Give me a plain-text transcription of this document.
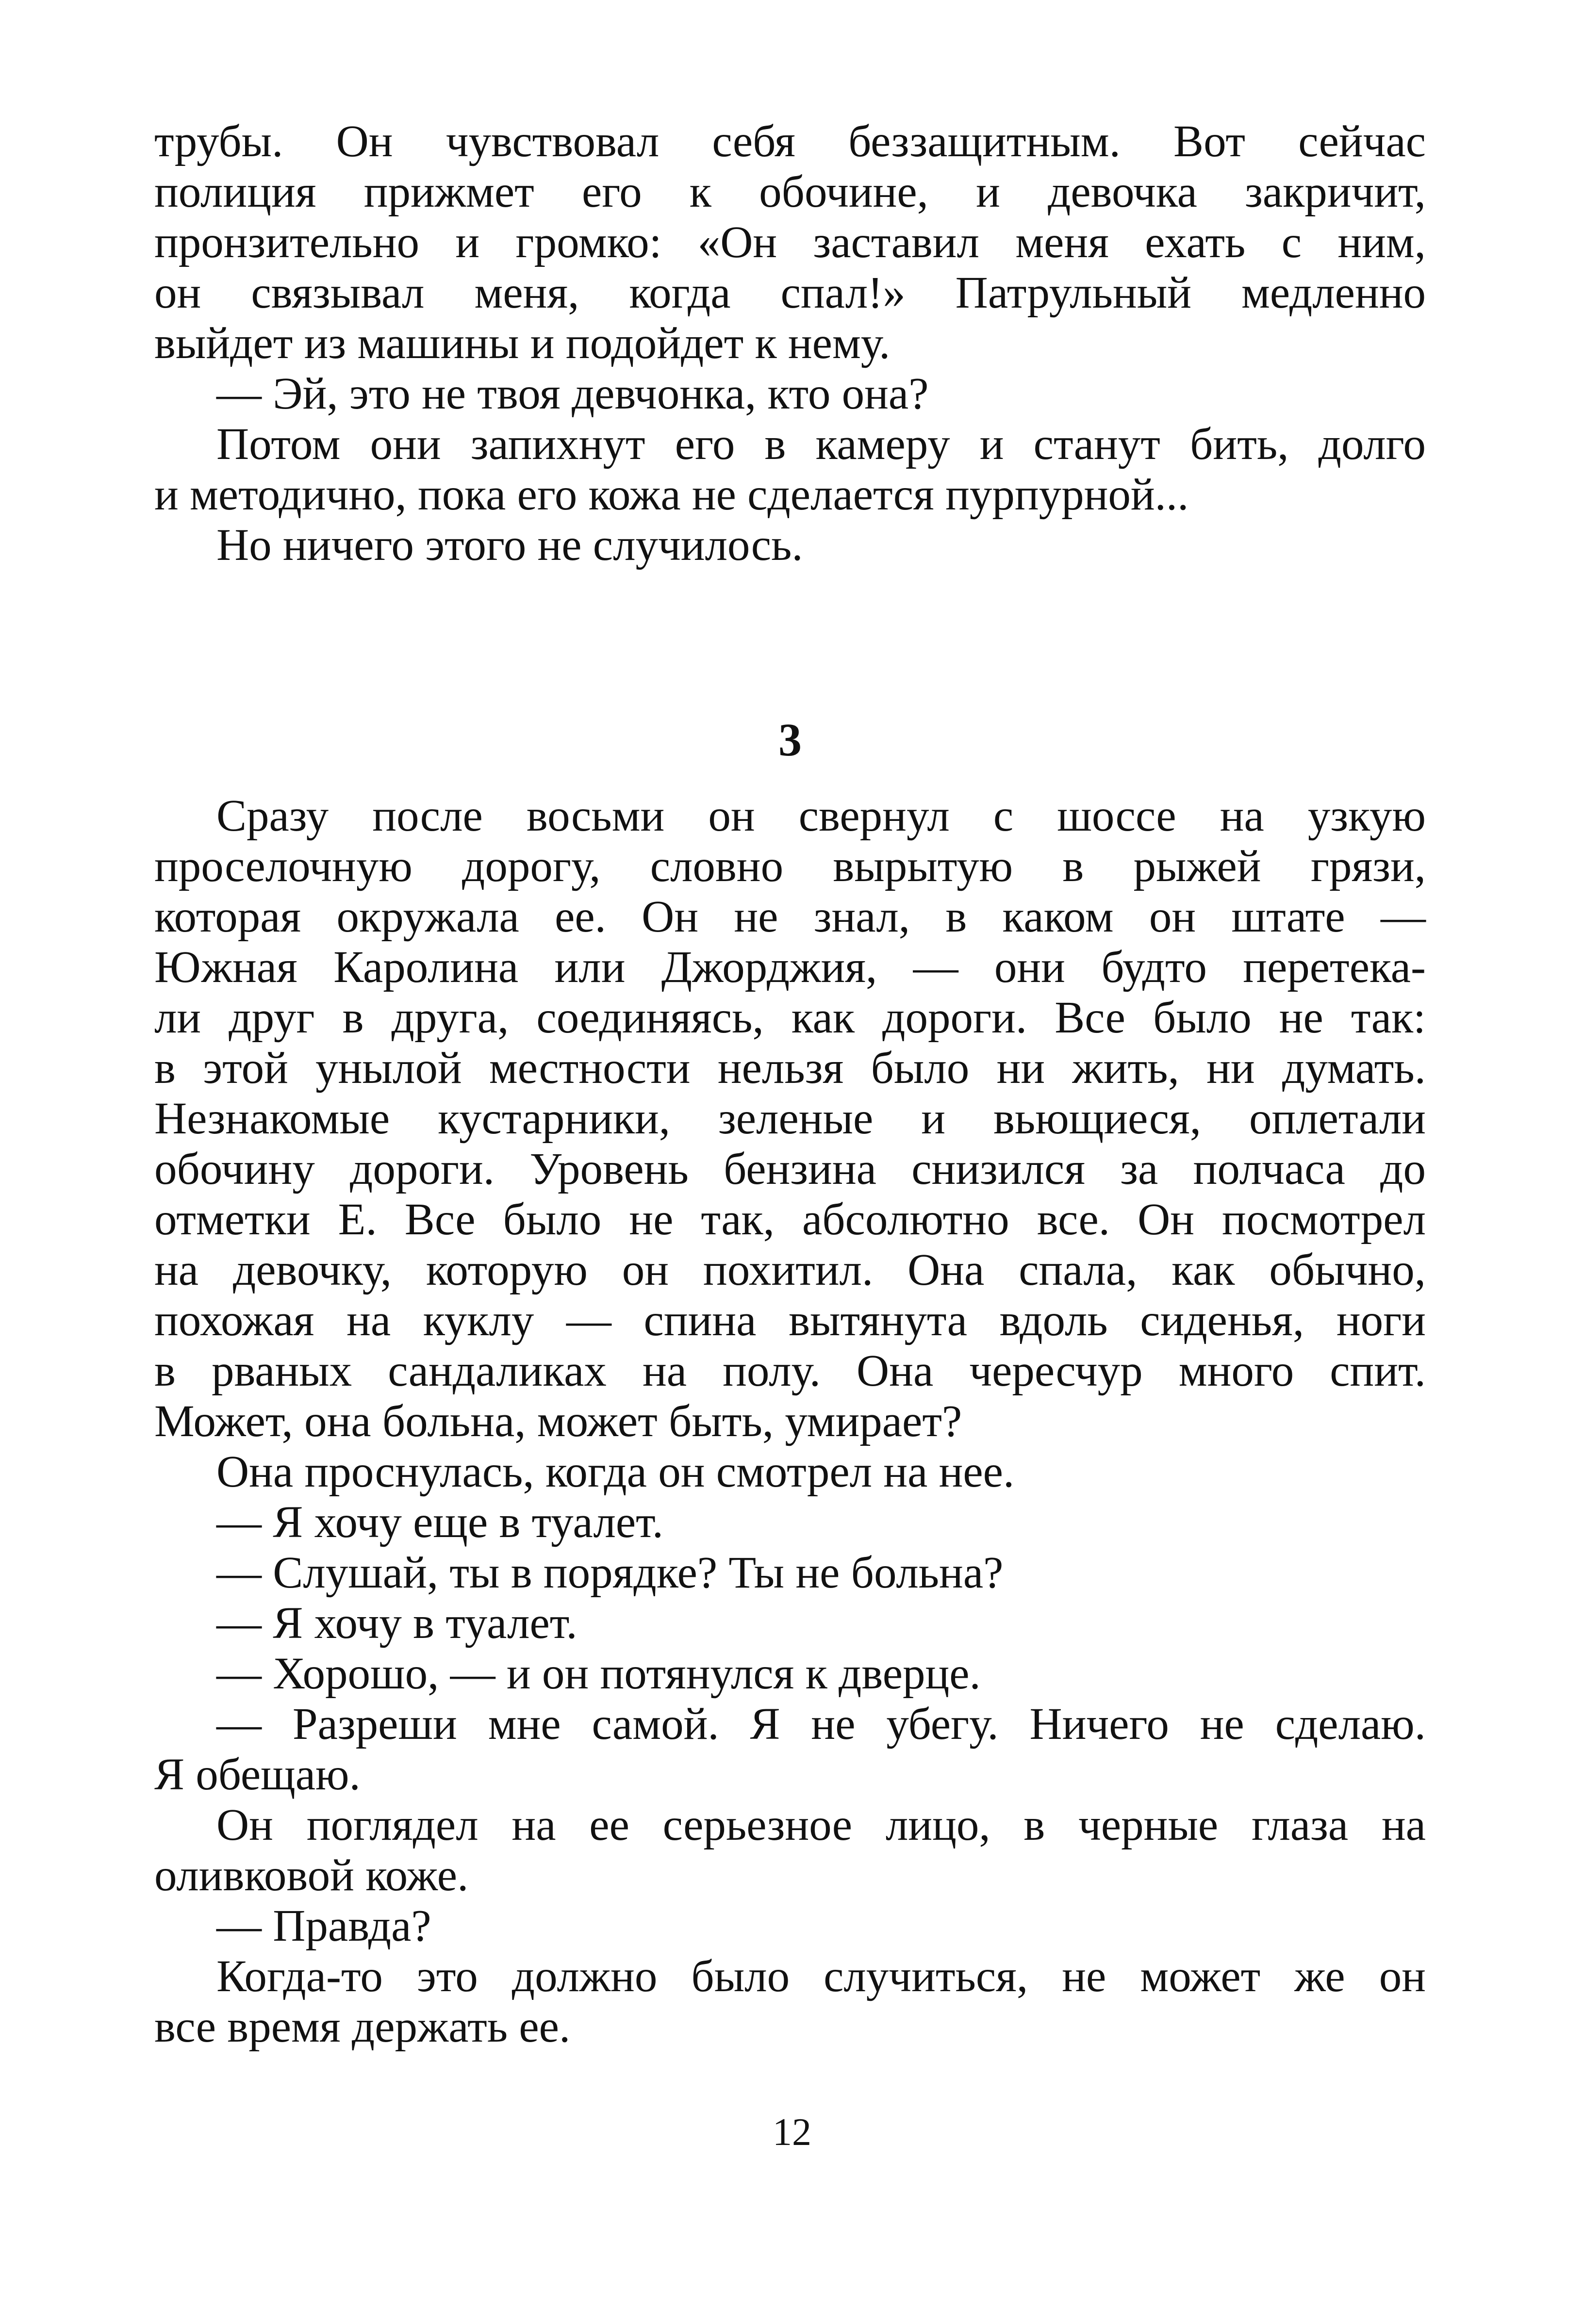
трубы. Он чувствовал себя беззащитным. Вот сейчас

полиция прижмет его к обочине, и девочка закричит,

пронзительно и громко: «Он заставил меня ехать с ним,

он связывал меня, когда спал!» Патрульный медленно

выйдет из машины и подойдет к нему.

— Эй, это не твоя девчонка, кто она?

Потом они запихнут его в камеру и станут бить, долго

и методично, пока его кожа не сделается пурпурной...

Но ничего этого не случилось.

3

Сразу после восьми он свернул с шоссе на узкую

проселочную дорогу, словно вырытую в рыжей грязи,

которая окружала ее. Он не знал, в каком он штате —

Южная Каролина или Джорджия, — они будто перетека-

ли друг в друга, соединяясь, как дороги. Все было не так:

в этой унылой местности нельзя было ни жить, ни думать.

Незнакомые кустарники, зеленые и вьющиеся, оплетали

обочину дороги. Уровень бензина снизился за полчаса до

отметки Е. Все было не так, абсолютно все. Он посмотрел

на девочку, которую он похитил. Она спала, как обычно,

похожая на куклу — спина вытянута вдоль сиденья, ноги

в рваных сандаликах на полу. Она чересчур много спит.

Может, она больна, может быть, умирает?

Она проснулась, когда он смотрел на нее.

— Я хочу еще в туалет.

— Слушай, ты в порядке? Ты не больна?

— Я хочу в туалет.

— Хорошо, — и он потянулся к дверце.

— Разреши мне самой. Я не убегу. Ничего не сделаю.

Я обещаю.

Он поглядел на ее серьезное лицо, в черные глаза на

оливковой коже.

— Правда?

Когда-то это должно было случиться, не может же он

все время держать ее.

12
